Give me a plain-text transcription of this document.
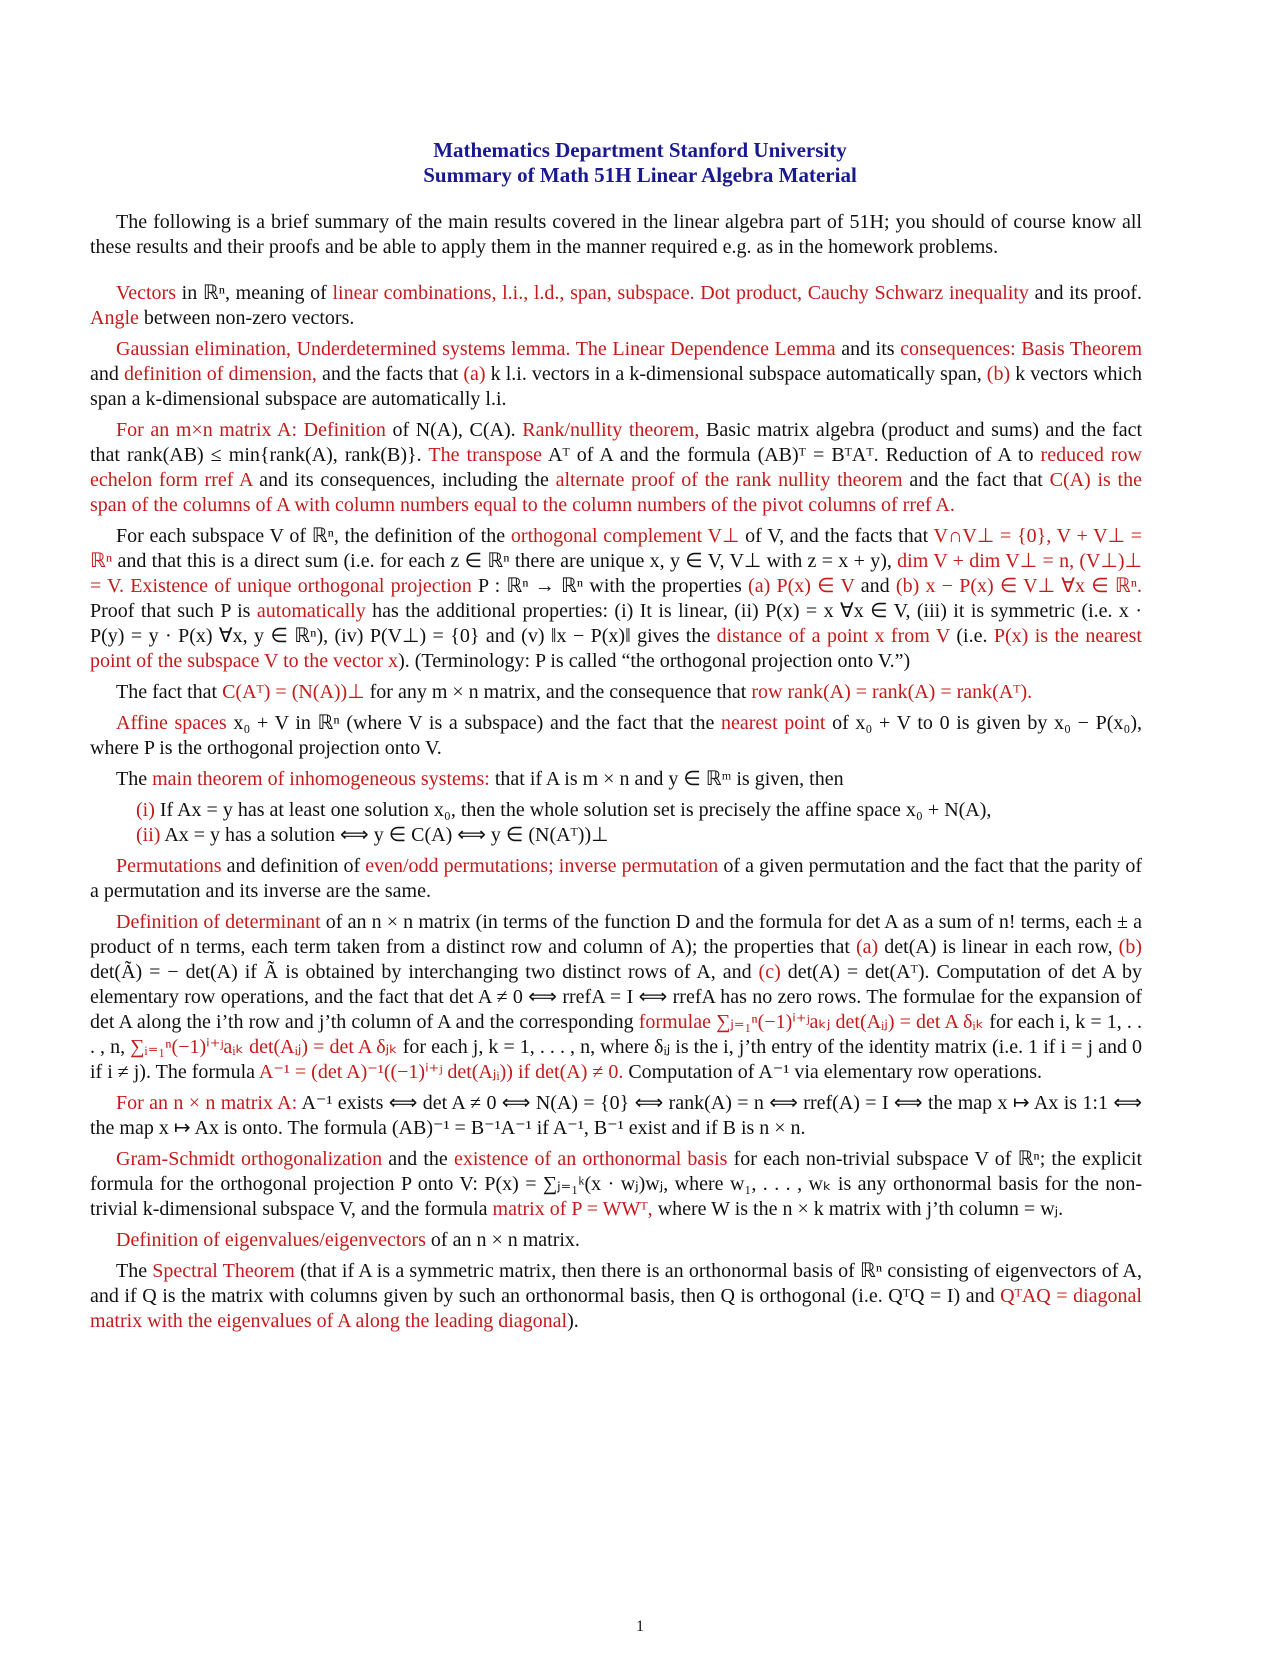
Mathematics Department Stanford University
Summary of Math 51H Linear Algebra Material

The following is a brief summary of the main results covered in the linear algebra part of 51H; you should of course know all these results and their proofs and be able to apply them in the manner required e.g. as in the homework problems.

Vectors in ℝⁿ, meaning of linear combinations, l.i., l.d., span, subspace. Dot product, Cauchy Schwarz inequality and its proof. Angle between non-zero vectors.

Gaussian elimination, Underdetermined systems lemma. The Linear Dependence Lemma and its consequences: Basis Theorem and definition of dimension, and the facts that (a) k l.i. vectors in a k-dimensional subspace automatically span, (b) k vectors which span a k-dimensional subspace are automatically l.i.

For an m×n matrix A: Definition of N(A), C(A). Rank/nullity theorem, Basic matrix algebra (product and sums) and the fact that rank(AB) ≤ min{rank(A), rank(B)}. The transpose Aᵀ of A and the formula (AB)ᵀ = BᵀAᵀ. Reduction of A to reduced row echelon form rref A and its consequences, including the alternate proof of the rank nullity theorem and the fact that C(A) is the span of the columns of A with column numbers equal to the column numbers of the pivot columns of rref A.

For each subspace V of ℝⁿ, the definition of the orthogonal complement V⊥ of V, and the facts that V∩V⊥ = {0}, V + V⊥ = ℝⁿ and that this is a direct sum (i.e. for each z ∈ ℝⁿ there are unique x, y ∈ V, V⊥ with z = x + y), dim V + dim V⊥ = n, (V⊥)⊥ = V. Existence of unique orthogonal projection P : ℝⁿ → ℝⁿ with the properties (a) P(x) ∈ V and (b) x − P(x) ∈ V⊥ ∀x ∈ ℝⁿ. Proof that such P is automatically has the additional properties: (i) It is linear, (ii) P(x) = x ∀x ∈ V, (iii) it is symmetric (i.e. x · P(y) = y · P(x) ∀x, y ∈ ℝⁿ), (iv) P(V⊥) = {0} and (v) ‖x − P(x)‖ gives the distance of a point x from V (i.e. P(x) is the nearest point of the subspace V to the vector x). (Terminology: P is called “the orthogonal projection onto V.”)

The fact that C(Aᵀ) = (N(A))⊥ for any m × n matrix, and the consequence that row rank(A) = rank(A) = rank(Aᵀ).

Affine spaces x₀ + V in ℝⁿ (where V is a subspace) and the fact that the nearest point of x₀ + V to 0 is given by x₀ − P(x₀), where P is the orthogonal projection onto V.

The main theorem of inhomogeneous systems: that if A is m × n and y ∈ ℝᵐ is given, then

(i) If Ax = y has at least one solution x₀, then the whole solution set is precisely the affine space x₀ + N(A),
(ii) Ax = y has a solution ⟺ y ∈ C(A) ⟺ y ∈ (N(Aᵀ))⊥

Permutations and definition of even/odd permutations; inverse permutation of a given permutation and the fact that the parity of a permutation and its inverse are the same.

Definition of determinant of an n × n matrix (in terms of the function D and the formula for det A as a sum of n! terms, each ± a product of n terms, each term taken from a distinct row and column of A); the properties that (a) det(A) is linear in each row, (b) det(Ã) = − det(A) if Ã is obtained by interchanging two distinct rows of A, and (c) det(A) = det(Aᵀ). Computation of det A by elementary row operations, and the fact that det A ≠ 0 ⟺ rrefA = I ⟺ rrefA has no zero rows. The formulae for the expansion of det A along the i’th row and j’th column of A and the corresponding formulae ∑ⱼ₌₁ⁿ(−1)ⁱ⁺ʲaₖⱼ det(Aᵢⱼ) = det A δᵢₖ for each i, k = 1, . . . , n, ∑ᵢ₌₁ⁿ(−1)ⁱ⁺ʲaᵢₖ det(Aᵢⱼ) = det A δⱼₖ for each j, k = 1, . . . , n, where δᵢⱼ is the i, j’th entry of the identity matrix (i.e. 1 if i = j and 0 if i ≠ j). The formula A⁻¹ = (det A)⁻¹((−1)ⁱ⁺ʲ det(Aⱼᵢ)) if det(A) ≠ 0. Computation of A⁻¹ via elementary row operations.

For an n × n matrix A: A⁻¹ exists ⟺ det A ≠ 0 ⟺ N(A) = {0} ⟺ rank(A) = n ⟺ rref(A) = I ⟺ the map x ↦ Ax is 1:1 ⟺ the map x ↦ Ax is onto. The formula (AB)⁻¹ = B⁻¹A⁻¹ if A⁻¹, B⁻¹ exist and if B is n × n.

Gram-Schmidt orthogonalization and the existence of an orthonormal basis for each non-trivial subspace V of ℝⁿ; the explicit formula for the orthogonal projection P onto V: P(x) = ∑ⱼ₌₁ᵏ(x · wⱼ)wⱼ, where w₁, . . . , wₖ is any orthonormal basis for the non-trivial k-dimensional subspace V, and the formula matrix of P = WWᵀ, where W is the n × k matrix with j’th column = wⱼ.

Definition of eigenvalues/eigenvectors of an n × n matrix.

The Spectral Theorem (that if A is a symmetric matrix, then there is an orthonormal basis of ℝⁿ consisting of eigenvectors of A, and if Q is the matrix with columns given by such an orthonormal basis, then Q is orthogonal (i.e. QᵀQ = I) and QᵀAQ = diagonal matrix with the eigenvalues of A along the leading diagonal).

1
